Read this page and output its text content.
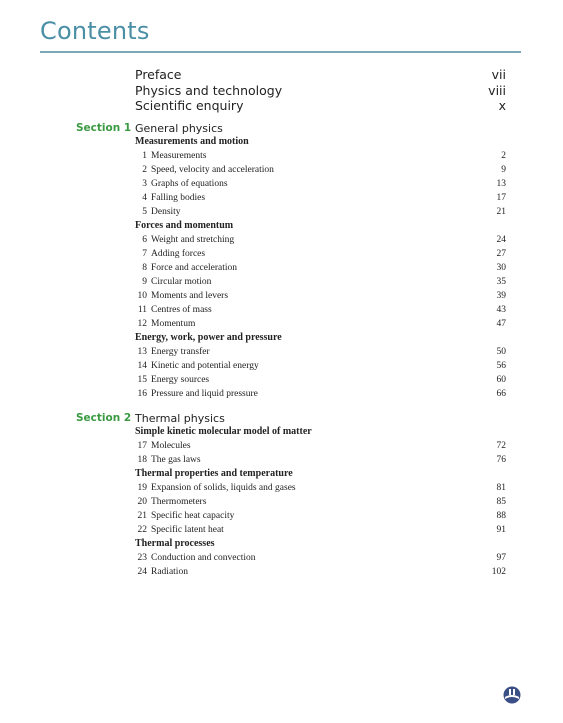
Contents
Preface	vii
Physics and technology	viii
Scientific enquiry	x
Section 1 General physics
Measurements and motion
1 Measurements	2
2 Speed, velocity and acceleration	9
3 Graphs of equations	13
4 Falling bodies	17
5 Density	21
Forces and momentum
6 Weight and stretching	24
7 Adding forces	27
8 Force and acceleration	30
9 Circular motion	35
10 Moments and levers	39
11 Centres of mass	43
12 Momentum	47
Energy, work, power and pressure
13 Energy transfer	50
14 Kinetic and potential energy	56
15 Energy sources	60
16 Pressure and liquid pressure	66
Section 2 Thermal physics
Simple kinetic molecular model of matter
17 Molecules	72
18 The gas laws	76
Thermal properties and temperature
19 Expansion of solids, liquids and gases	81
20 Thermometers	85
21 Specific heat capacity	88
22 Specific latent heat	91
Thermal processes
23 Conduction and convection	97
24 Radiation	102
